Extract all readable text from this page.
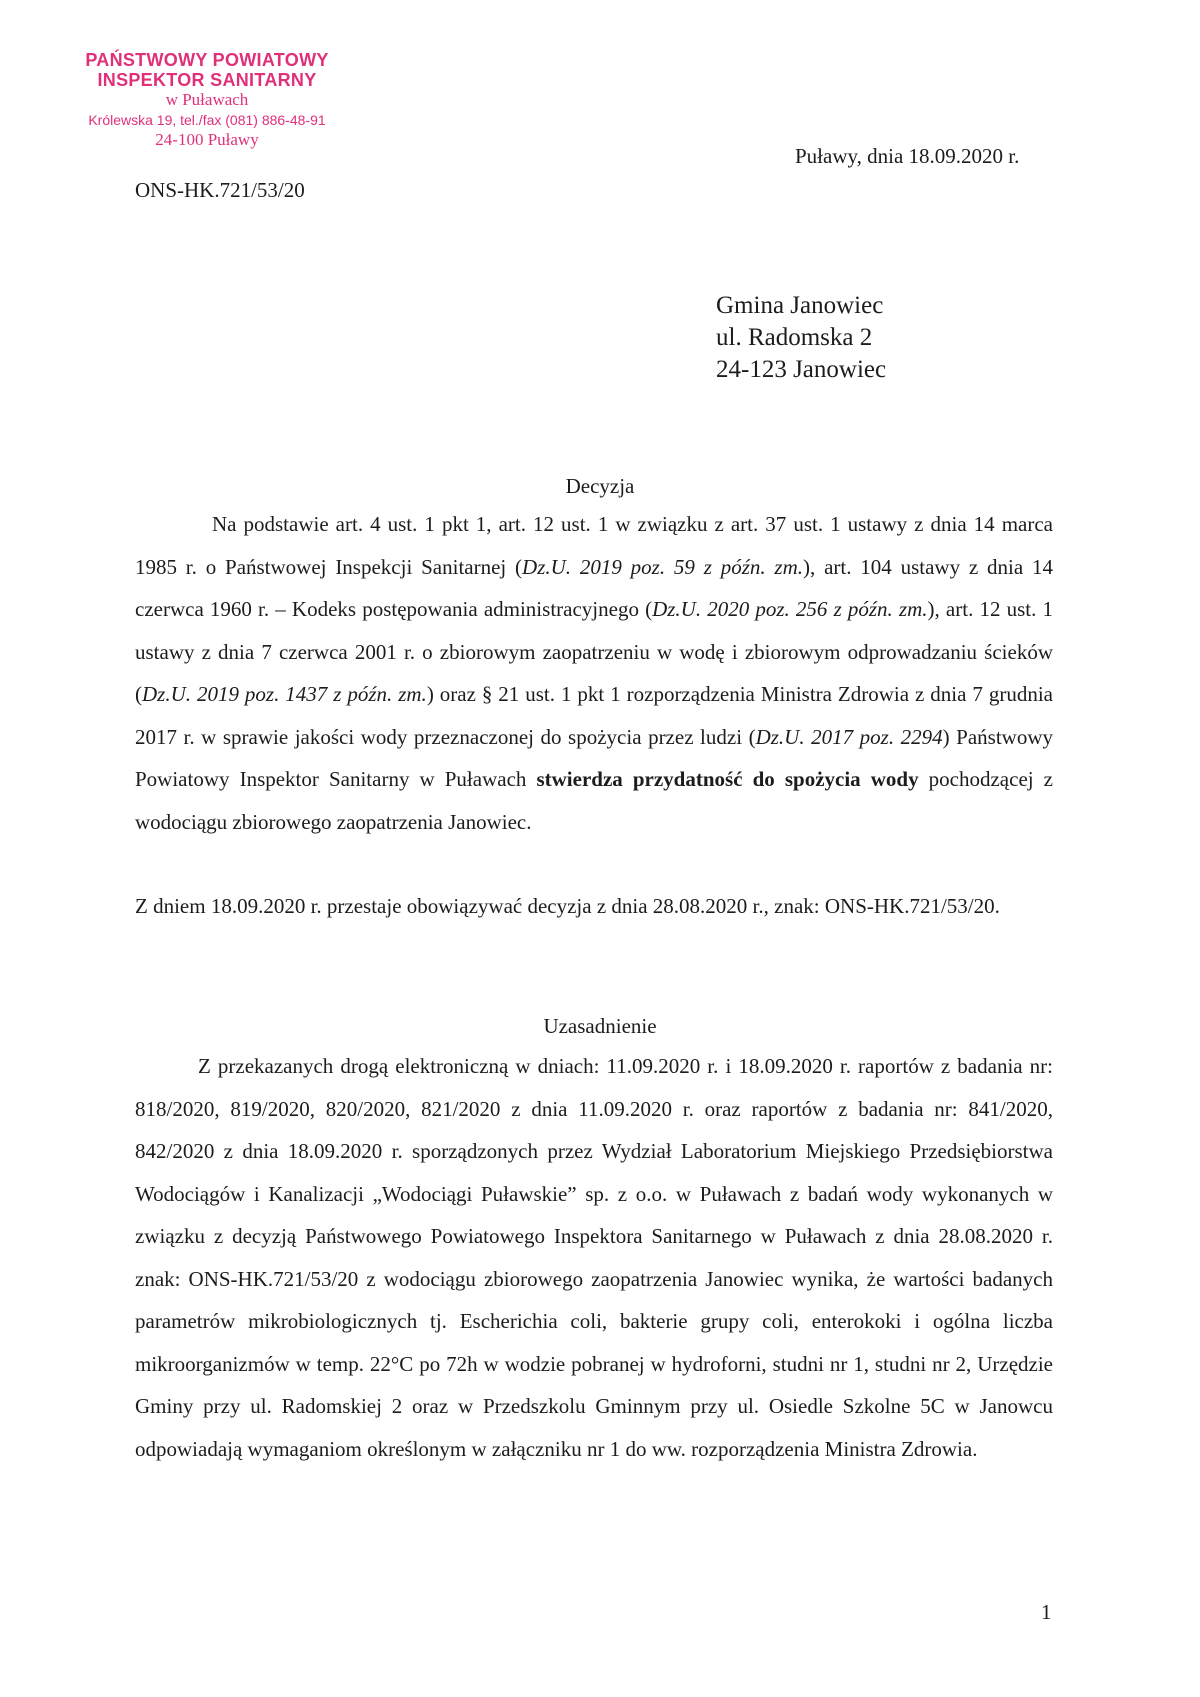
PAŃSTWOWY POWIATOWY
INSPEKTOR SANITARNY
w Puławach
Królewska 19, tel./fax (081) 886-48-91
24-100 Puławy
ONS-HK.721/53/20
Puławy, dnia 18.09.2020 r.
Gmina Janowiec
ul. Radomska 2
24-123 Janowiec
Decyzja
Na podstawie art. 4 ust. 1 pkt 1, art. 12 ust. 1 w związku z art. 37 ust. 1 ustawy z dnia 14 marca 1985 r. o Państwowej Inspekcji Sanitarnej (Dz.U. 2019 poz. 59 z późn. zm.), art. 104 ustawy z dnia 14 czerwca 1960 r. – Kodeks postępowania administracyjnego (Dz.U. 2020 poz. 256 z późn. zm.), art. 12 ust. 1 ustawy z dnia 7 czerwca 2001 r. o zbiorowym zaopatrzeniu w wodę i zbiorowym odprowadzaniu ścieków (Dz.U. 2019 poz. 1437 z późn. zm.) oraz § 21 ust. 1 pkt 1 rozporządzenia Ministra Zdrowia z dnia 7 grudnia 2017 r. w sprawie jakości wody przeznaczonej do spożycia przez ludzi (Dz.U. 2017 poz. 2294) Państwowy Powiatowy Inspektor Sanitarny w Puławach stwierdza przydatność do spożycia wody pochodzącej z wodociągu zbiorowego zaopatrzenia Janowiec.
Z dniem 18.09.2020 r. przestaje obowiązywać decyzja z dnia 28.08.2020 r., znak: ONS-HK.721/53/20.
Uzasadnienie
Z przekazanych drogą elektroniczną w dniach: 11.09.2020 r. i 18.09.2020 r. raportów z badania nr: 818/2020, 819/2020, 820/2020, 821/2020 z dnia 11.09.2020 r. oraz raportów z badania nr: 841/2020, 842/2020 z dnia 18.09.2020 r. sporządzonych przez Wydział Laboratorium Miejskiego Przedsiębiorstwa Wodociągów i Kanalizacji „Wodociągi Puławskie” sp. z o.o. w Puławach z badań wody wykonanych w związku z decyzją Państwowego Powiatowego Inspektora Sanitarnego w Puławach z dnia 28.08.2020 r. znak: ONS-HK.721/53/20 z wodociągu zbiorowego zaopatrzenia Janowiec wynika, że wartości badanych parametrów mikrobiologicznych tj. Escherichia coli, bakterie grupy coli, enterokoki i ogólna liczba mikroorganizmów w temp. 22°C po 72h w wodzie pobranej w hydroforni, studni nr 1, studni nr 2, Urzędzie Gminy przy ul. Radomskiej 2 oraz w Przedszkolu Gminnym przy ul. Osiedle Szkolne 5C w Janowcu odpowiadają wymaganiom określonym w załączniku nr 1 do ww. rozporządzenia Ministra Zdrowia.
1
